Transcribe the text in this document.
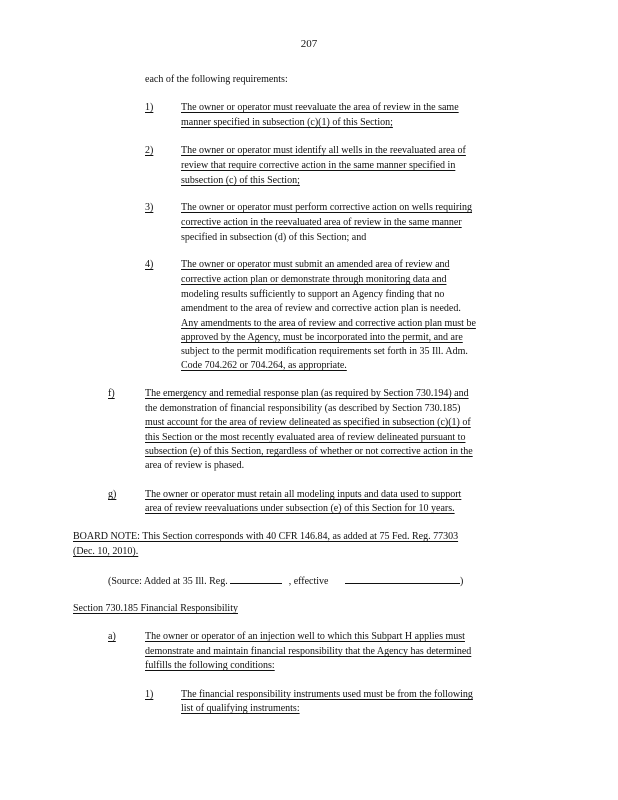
207
each of the following requirements:
1)	The owner or operator must reevaluate the area of review in the same
manner specified in subsection (c)(1) of this Section;
2)	The owner or operator must identify all wells in the reevaluated area of
review that require corrective action in the same manner specified in
subsection (c) of this Section;
3)	The owner or operator must perform corrective action on wells requiring
corrective action in the reevaluated area of review in the same manner
specified in subsection (d) of this Section; and
4)	The owner or operator must submit an amended area of review and
corrective action plan or demonstrate through monitoring data and
modeling results sufficiently to support an Agency finding that no
amendment to the area of review and corrective action plan is needed.
Any amendments to the area of review and corrective action plan must be
approved by the Agency, must be incorporated into the permit, and are
subject to the permit modification requirements set forth in 35 Ill. Adm.
Code 704.262 or 704.264, as appropriate.
f)	The emergency and remedial response plan (as required by Section 730.194) and
the demonstration of financial responsibility (as described by Section 730.185)
must account for the area of review delineated as specified in subsection (c)(1) of
this Section or the most recently evaluated area of review delineated pursuant to
subsection (e) of this Section, regardless of whether or not corrective action in the
area of review is phased.
g)	The owner or operator must retain all modeling inputs and data used to support
area of review reevaluations under subsection (e) of this Section for 10 years.
BOARD NOTE: This Section corresponds with 40 CFR 146.84, as added at 75 Fed. Reg. 77303
(Dec. 10, 2010).
(Source: Added at 35 Ill. Reg.	, effective	)
Section 730.185 Financial Responsibility
a)	The owner or operator of an injection well to which this Subpart H applies must
demonstrate and maintain financial responsibility that the Agency has determined
fulfills the following conditions:
1)	The financial responsibility instruments used must be from the following
list of qualifying instruments:
